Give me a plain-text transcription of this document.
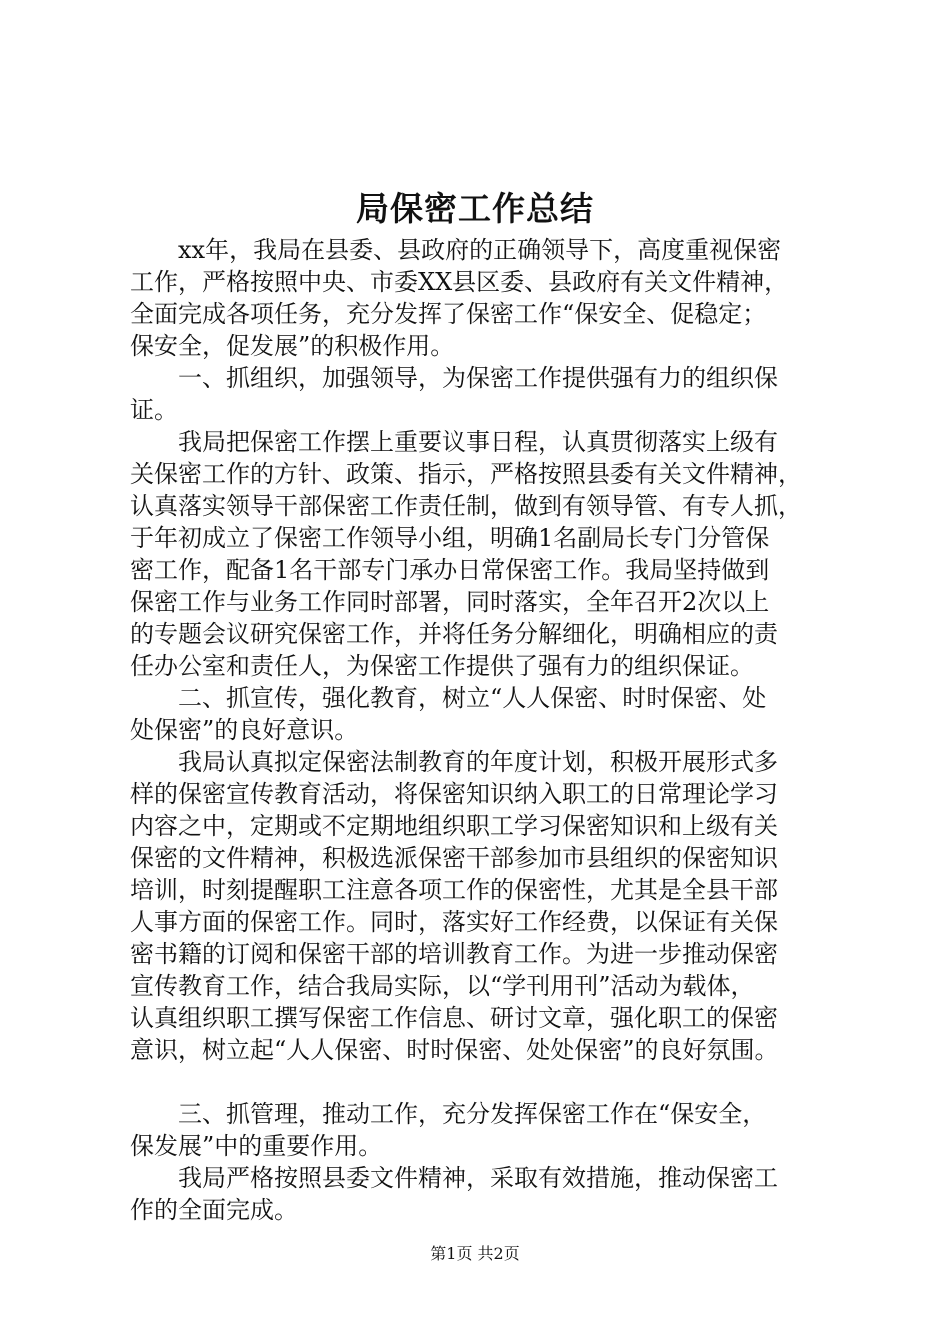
局保密工作总结
　　xx年，我局在县委、县政府的正确领导下，高度重视保密
工作，严格按照中央、市委XX县区委、县政府有关文件精神，
全面完成各项任务，充分发挥了保密工作“保安全、促稳定；
保安全，促发展”的积极作用。
　　一、抓组织，加强领导，为保密工作提供强有力的组织保
证。
　　我局把保密工作摆上重要议事日程，认真贯彻落实上级有
关保密工作的方针、政策、指示，严格按照县委有关文件精神，
认真落实领导干部保密工作责任制，做到有领导管、有专人抓，
于年初成立了保密工作领导小组，明确1名副局长专门分管保
密工作，配备1名干部专门承办日常保密工作。我局坚持做到
保密工作与业务工作同时部署，同时落实，全年召开2次以上
的专题会议研究保密工作，并将任务分解细化，明确相应的责
任办公室和责任人，为保密工作提供了强有力的组织保证。
　　二、抓宣传，强化教育，树立“人人保密、时时保密、处
处保密”的良好意识。
　　我局认真拟定保密法制教育的年度计划，积极开展形式多
样的保密宣传教育活动，将保密知识纳入职工的日常理论学习
内容之中，定期或不定期地组织职工学习保密知识和上级有关
保密的文件精神，积极选派保密干部参加市县组织的保密知识
培训，时刻提醒职工注意各项工作的保密性，尤其是全县干部
人事方面的保密工作。同时，落实好工作经费，以保证有关保
密书籍的订阅和保密干部的培训教育工作。为进一步推动保密
宣传教育工作，结合我局实际，以“学刊用刊”活动为载体，
认真组织职工撰写保密工作信息、研讨文章，强化职工的保密
意识，树立起“人人保密、时时保密、处处保密”的良好氛围。
　　三、抓管理，推动工作，充分发挥保密工作在“保安全，
保发展”中的重要作用。
　　我局严格按照县委文件精神，采取有效措施，推动保密工
作的全面完成。
第1页 共2页
